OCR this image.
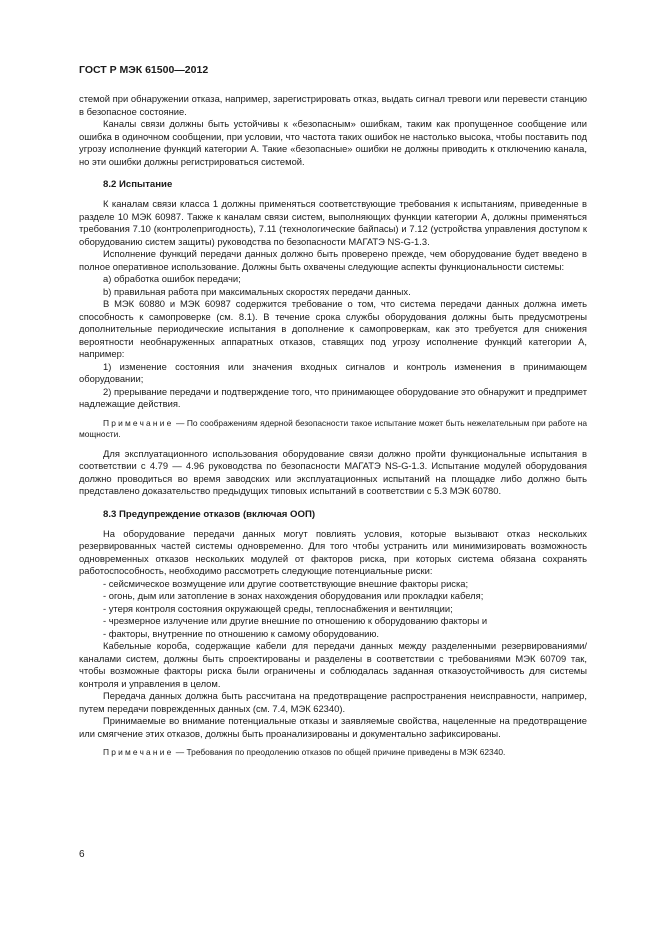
ГОСТ Р МЭК 61500—2012

стемой при обнаружении отказа, например, зарегистрировать отказ, выдать сигнал тревоги или перевести станцию в безопасное состояние.

Каналы связи должны быть устойчивы к «безопасным» ошибкам, таким как пропущенное сообщение или ошибка в одиночном сообщении, при условии, что частота таких ошибок не настолько высока, чтобы поставить под угрозу исполнение функций категории А. Такие «безопасные» ошибки не должны приводить к отключению канала, но эти ошибки должны регистрироваться системой.

8.2 Испытание

К каналам связи класса 1 должны применяться соответствующие требования к испытаниям, приведенные в разделе 10 МЭК 60987. Также к каналам связи систем, выполняющих функции категории А, должны применяться требования 7.10 (контролепригодность), 7.11 (технологические байпасы) и 7.12 (устройства управления доступом к оборудованию систем защиты) руководства по безопасности МАГАТЭ NS-G-1.3.

Исполнение функций передачи данных должно быть проверено прежде, чем оборудование будет введено в полное оперативное использование. Должны быть охвачены следующие аспекты функциональности системы:

a) обработка ошибок передачи;

b) правильная работа при максимальных скоростях передачи данных.

В МЭК 60880 и МЭК 60987 содержится требование о том, что система передачи данных должна иметь способность к самопроверке (см. 8.1). В течение срока службы оборудования должны быть предусмотрены дополнительные периодические испытания в дополнение к самопроверкам, как это требуется для снижения вероятности необнаруженных аппаратных отказов, ставящих под угрозу исполнение функций категории А, например:

1) изменение состояния или значения входных сигналов и контроль изменения в принимающем оборудовании;

2) прерывание передачи и подтверждение того, что принимающее оборудование это обнаружит и предпримет надлежащие действия.

Примечание — По соображениям ядерной безопасности такое испытание может быть нежелательным при работе на мощности.

Для эксплуатационного использования оборудование связи должно пройти функциональные испытания в соответствии с 4.79 — 4.96 руководства по безопасности МАГАТЭ NS-G-1.3. Испытание модулей оборудования должно проводиться во время заводских или эксплуатационных испытаний на площадке либо должно быть представлено доказательство предыдущих типовых испытаний в соответствии с 5.3 МЭК 60780.

8.3 Предупреждение отказов (включая ООП)

На оборудование передачи данных могут повлиять условия, которые вызывают отказ нескольких резервированных частей системы одновременно. Для того чтобы устранить или минимизировать возможность одновременных отказов нескольких модулей от факторов риска, при которых система обязана сохранять работоспособность, необходимо рассмотреть следующие потенциальные риски:

- сейсмическое возмущение или другие соответствующие внешние факторы риска;

- огонь, дым или затопление в зонах нахождения оборудования или прокладки кабеля;

- утеря контроля состояния окружающей среды, теплоснабжения и вентиляции;

- чрезмерное излучение или другие внешние по отношению к оборудованию факторы и

- факторы, внутренние по отношению к самому оборудованию.

Кабельные короба, содержащие кабели для передачи данных между разделенными резервированиями/каналами систем, должны быть спроектированы и разделены в соответствии с требованиями МЭК 60709 так, чтобы возможные факторы риска были ограничены и соблюдалась заданная отказоустойчивость для системы контроля и управления в целом.

Передача данных должна быть рассчитана на предотвращение распространения неисправности, например, путем передачи поврежденных данных (см. 7.4, МЭК 62340).

Принимаемые во внимание потенциальные отказы и заявляемые свойства, нацеленные на предотвращение или смягчение этих отказов, должны быть проанализированы и документально зафиксированы.

Примечание — Требования по преодолению отказов по общей причине приведены в МЭК 62340.

6
